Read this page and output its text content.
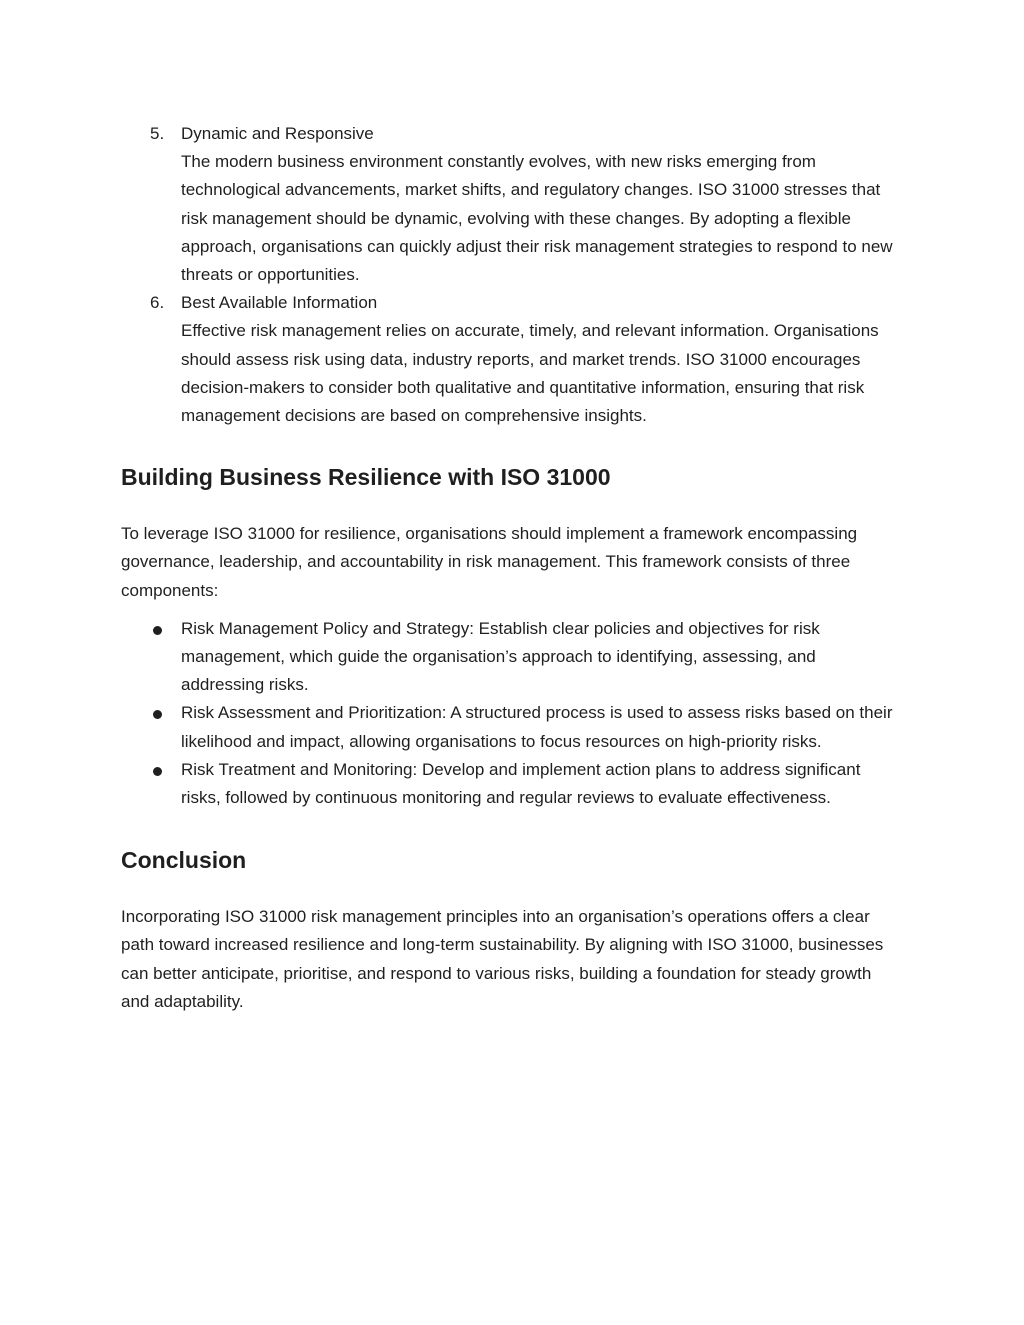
5. Dynamic and Responsive

The modern business environment constantly evolves, with new risks emerging from technological advancements, market shifts, and regulatory changes. ISO 31000 stresses that risk management should be dynamic, evolving with these changes. By adopting a flexible approach, organisations can quickly adjust their risk management strategies to respond to new threats or opportunities.

6. Best Available Information

Effective risk management relies on accurate, timely, and relevant information. Organisations should assess risk using data, industry reports, and market trends. ISO 31000 encourages decision-makers to consider both qualitative and quantitative information, ensuring that risk management decisions are based on comprehensive insights.

Building Business Resilience with ISO 31000

To leverage ISO 31000 for resilience, organisations should implement a framework encompassing governance, leadership, and accountability in risk management. This framework consists of three components:

Risk Management Policy and Strategy: Establish clear policies and objectives for risk management, which guide the organisation’s approach to identifying, assessing, and addressing risks.

Risk Assessment and Prioritization: A structured process is used to assess risks based on their likelihood and impact, allowing organisations to focus resources on high-priority risks.

Risk Treatment and Monitoring: Develop and implement action plans to address significant risks, followed by continuous monitoring and regular reviews to evaluate effectiveness.

Conclusion

Incorporating ISO 31000 risk management principles into an organisation’s operations offers a clear path toward increased resilience and long-term sustainability. By aligning with ISO 31000, businesses can better anticipate, prioritise, and respond to various risks, building a foundation for steady growth and adaptability.
